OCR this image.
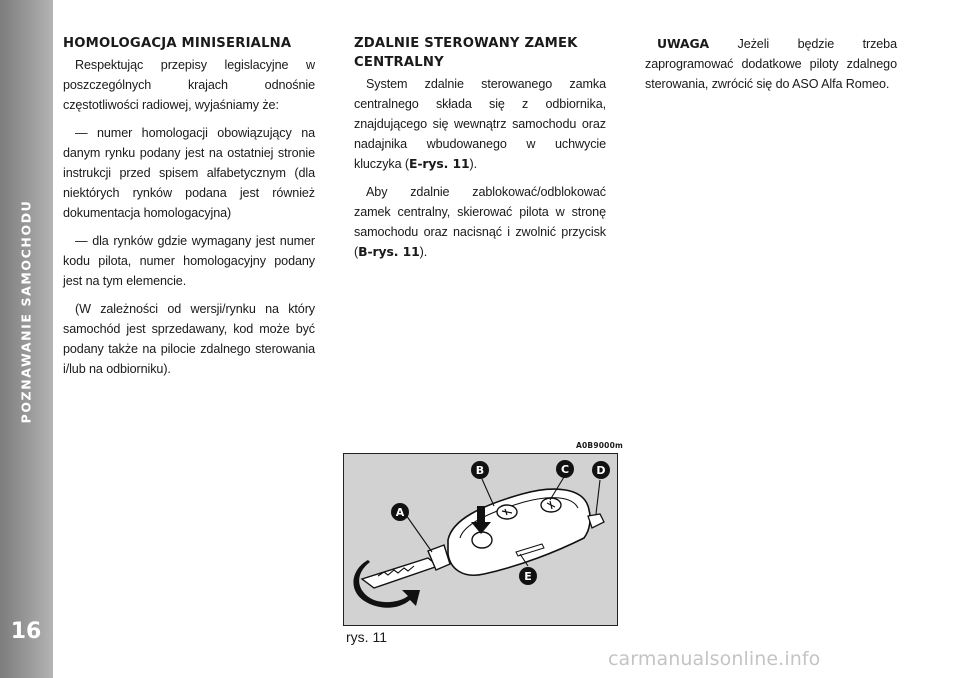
POZNAWANIE SAMOCHODU
16
HOMOLOGACJA MINISERIALNA

Respektując przepisy legislacyjne w poszczególnych krajach odnośnie częstotliwości radiowej, wyjaśniamy że:

— numer homologacji obowiązujący na danym rynku podany jest na ostatniej stronie instrukcji przed spisem alfabetycznym (dla niektórych rynków podana jest również dokumentacja homologacyjna)

— dla rynków gdzie wymagany jest numer kodu pilota, numer homologacyjny podany jest na tym elemencie.

(W zależności od wersji/rynku na który samochód jest sprzedawany, kod może być podany także na pilocie zdalnego sterowania i/lub na odbiorniku).

ZDALNIE STEROWANY ZAMEK CENTRALNY

System zdalnie sterowanego zamka centralnego składa się z odbiornika, znajdującego się wewnątrz samochodu oraz nadajnika wbudowanego w uchwycie kluczyka (E-rys. 11).

Aby zdalnie zablokować/odblokować zamek centralny, skierować pilota w stronę samochodu oraz nacisnąć i zwolnić przycisk (B-rys. 11).

UWAGA Jeżeli będzie trzeba zaprogramować dodatkowe piloty zdalnego sterowania, zwrócić się do ASO Alfa Romeo.

A0B9000m
A
B	C D
E
rys. 11
carmanualsonline.info
